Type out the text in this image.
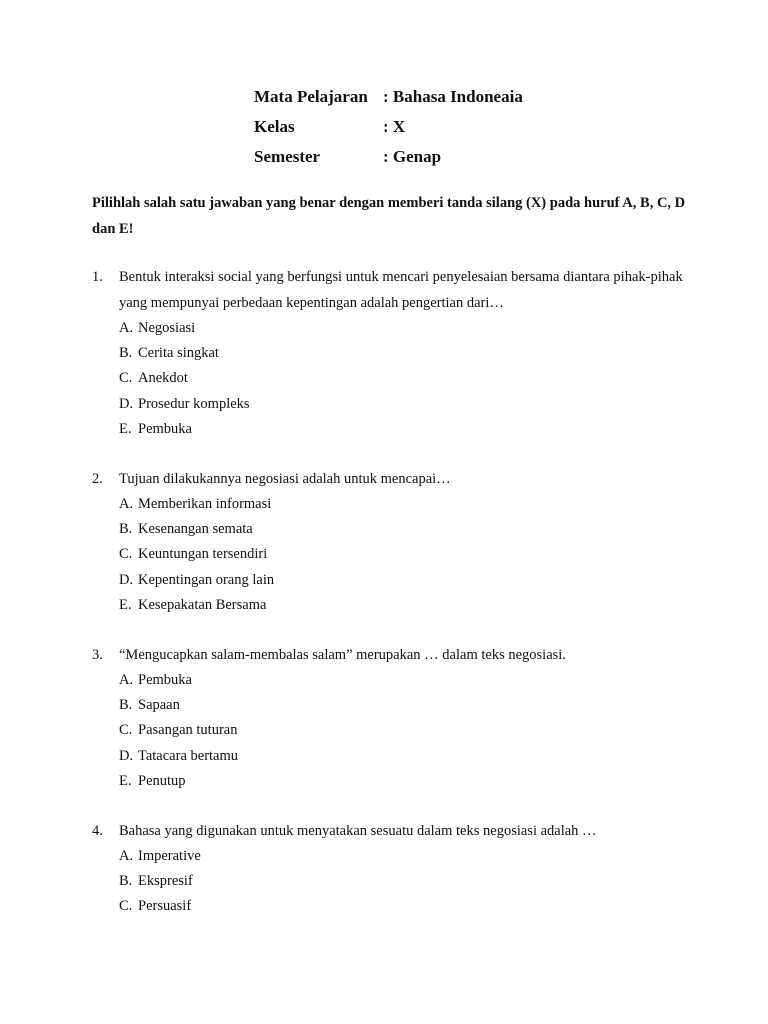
Mata Pelajaran : Bahasa Indoneaia
Kelas	: X
Semester	: Genap
Pilihlah salah satu jawaban yang benar dengan memberi tanda silang (X) pada huruf A, B, C, D dan E!
1. Bentuk interaksi social yang berfungsi untuk mencari penyelesaian bersama diantara pihak-pihak yang mempunyai perbedaan kepentingan adalah pengertian dari…
A. Negosiasi
B. Cerita singkat
C. Anekdot
D. Prosedur kompleks
E. Pembuka
2. Tujuan dilakukannya negosiasi adalah untuk mencapai…
A. Memberikan informasi
B. Kesenangan semata
C. Keuntungan tersendiri
D. Kepentingan orang lain
E. Kesepakatan Bersama
3. “Mengucapkan salam-membalas salam” merupakan … dalam teks negosiasi.
A. Pembuka
B. Sapaan
C. Pasangan tuturan
D. Tatacara bertamu
E. Penutup
4. Bahasa yang digunakan untuk menyatakan sesuatu dalam teks negosiasi adalah …
A. Imperative
B. Ekspresif
C. Persuasif
